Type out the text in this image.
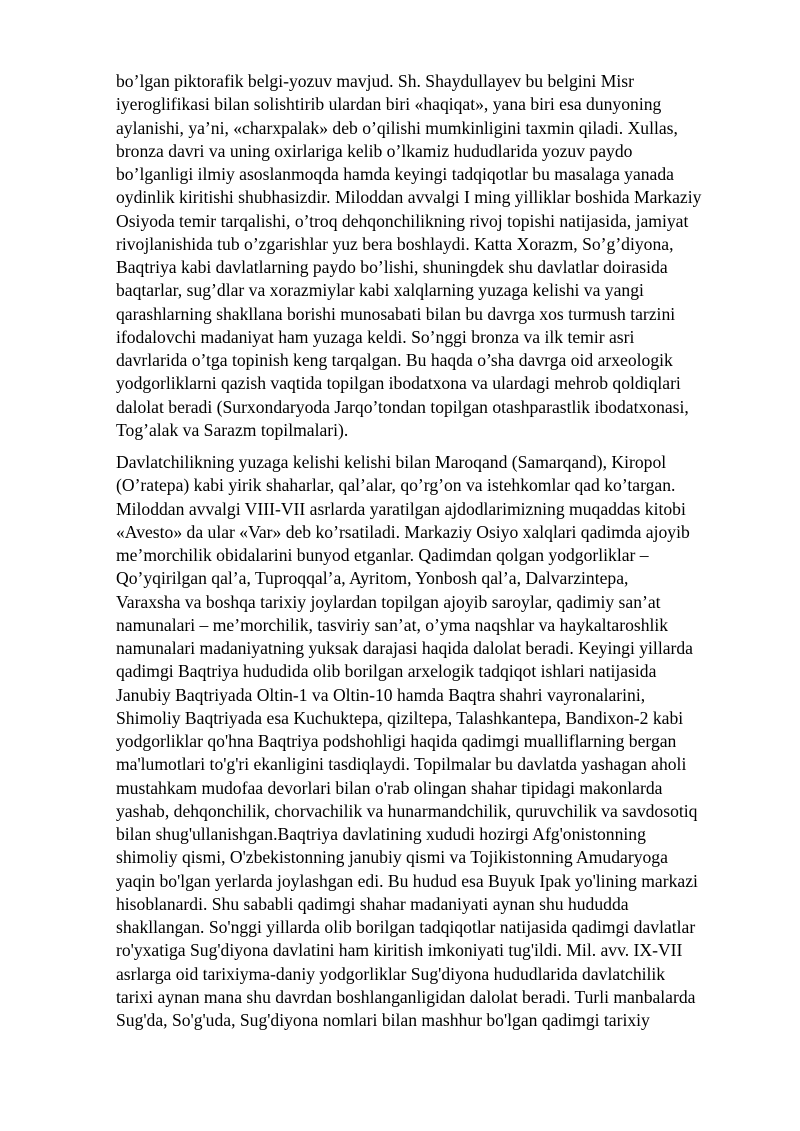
bo’lgan piktorafik belgi-yozuv mavjud. Sh. Shaydullayev bu belgini Misr
iyeroglifikasi bilan solishtirib ulardan biri «haqiqat», yana biri esa dunyoning
aylanishi, ya’ni, «charxpalak» deb o’qilishi mumkinligini taxmin qiladi. Xullas,
bronza davri va uning oxirlariga kelib o’lkamiz hududlarida yozuv paydo
bo’lganligi ilmiy asoslanmoqda hamda keyingi tadqiqotlar bu masalaga yanada
oydinlik kiritishi shubhasizdir. Miloddan avvalgi I ming yilliklar boshida Markaziy
Osiyoda temir tarqalishi, o’troq dehqonchilikning rivoj topishi natijasida, jamiyat
rivojlanishida tub o’zgarishlar yuz bera boshlaydi. Katta Xorazm, So’g’diyona,
Baqtriya kabi davlatlarning paydo bo’lishi, shuningdek shu davlatlar doirasida
baqtarlar, sug’dlar va xorazmiylar kabi xalqlarning yuzaga kelishi va yangi
qarashlarning shakllana borishi munosabati bilan bu davrga xos turmush tarzini
ifodalovchi madaniyat ham yuzaga keldi. So’nggi bronza va ilk temir asri
davrlarida o’tga topinish keng tarqalgan. Bu haqda o’sha davrga oid arxeologik
yodgorliklarni qazish vaqtida topilgan ibodatxona va ulardagi mehrob qoldiqlari
dalolat beradi (Surxondaryoda Jarqo’tondan topilgan otashparastlik ibodatxonasi,
Tog’alak va Sarazm topilmalari).

Davlatchilikning yuzaga kelishi kelishi bilan Maroqand (Samarqand), Kiropol
(O’ratepa) kabi yirik shaharlar, qal’alar, qo’rg’on va istehkomlar qad ko’targan.
Miloddan avvalgi VIII-VII asrlarda yaratilgan ajdodlarimizning muqaddas kitobi
«Avesto» da ular «Var» deb ko’rsatiladi. Markaziy Osiyo xalqlari qadimda ajoyib
me’morchilik obidalarini bunyod etganlar. Qadimdan qolgan yodgorliklar –
Qo’yqirilgan qal’a, Tuproqqal’a, Ayritom, Yonbosh qal’a, Dalvarzintepa,
Varaxsha va boshqa tarixiy joylardan topilgan ajoyib saroylar, qadimiy san’at
namunalari – me’morchilik, tasviriy san’at, o’yma naqshlar va haykaltaroshlik
namunalari madaniyatning yuksak darajasi haqida dalolat beradi. Keyingi yillarda
qadimgi Baqtriya hududida olib borilgan arxelogik tadqiqot ishlari natijasida
Janubiy Baqtriyada Oltin-1 va Oltin-10 hamda Baqtra shahri vayronalarini,
Shimoliy Baqtriyada esa Kuchuktepa, qiziltepa, Talashkantepa, Bandixon-2 kabi
yodgorliklar qo'hna Baqtriya podshohligi haqida qadimgi mualliflarning bergan
ma'lumotlari to'g'ri ekanligini tasdiqlaydi. Topilmalar bu davlatda yashagan aholi
mustahkam mudofaa devorlari bilan o'rab olingan shahar tipidagi makonlarda
yashab, dehqonchilik, chorvachilik va hunarmandchilik, quruvchilik va savdosotiq
bilan shug'ullanishgan.Baqtriya davlatining xududi hozirgi Afg'onistonning
shimoliy qismi, O'zbekistonning janubiy qismi va Tojikistonning Amudaryoga
yaqin bo'lgan yerlarda joylashgan edi. Bu hudud esa Buyuk Ipak yo'lining markazi
hisoblanardi. Shu sababli qadimgi shahar madaniyati aynan shu hududda
shakllangan. So'nggi yillarda olib borilgan tadqiqotlar natijasida qadimgi davlatlar
ro'yxatiga Sug'diyona davlatini ham kiritish imkoniyati tug'ildi. Mil. avv. IX-VII
asrlarga oid tarixiyma-daniy yodgorliklar Sug'diyona hududlarida davlatchilik
tarixi aynan mana shu davrdan boshlanganligidan dalolat beradi. Turli manbalarda
Sug'da, So'g'uda, Sug'diyona nomlari bilan mashhur bo'lgan qadimgi tarixiy
